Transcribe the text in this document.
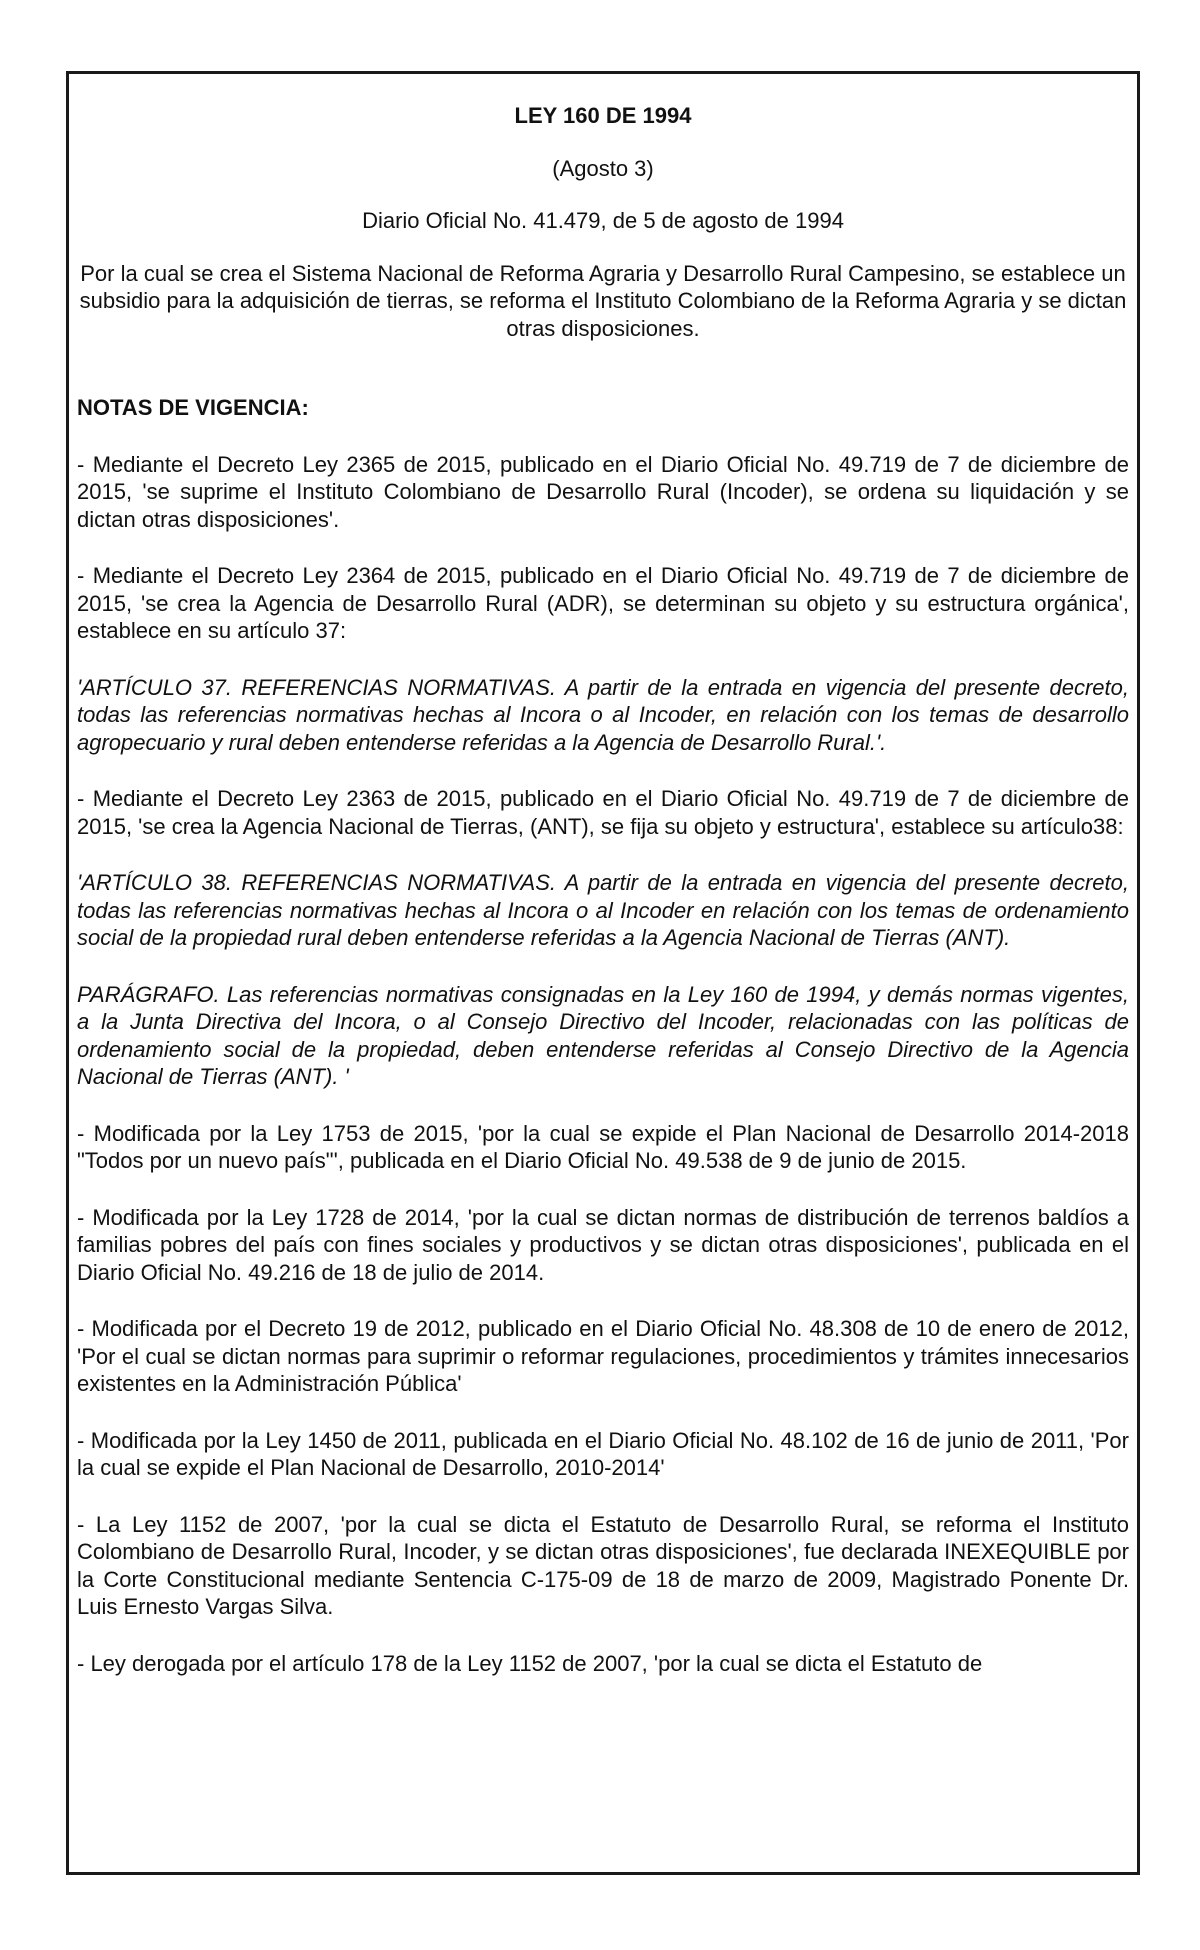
LEY 160 DE 1994

(Agosto 3)

Diario Oficial No. 41.479, de 5 de agosto de 1994

Por la cual se crea el Sistema Nacional de Reforma Agraria y Desarrollo Rural Campesino, se establece un subsidio para la adquisición de tierras, se reforma el Instituto Colombiano de la Reforma Agraria y se dictan otras disposiciones.

NOTAS DE VIGENCIA:

- Mediante el Decreto Ley 2365 de 2015, publicado en el Diario Oficial No. 49.719 de 7 de diciembre de 2015, 'se suprime el Instituto Colombiano de Desarrollo Rural (Incoder), se ordena su liquidación y se dictan otras disposiciones'.

- Mediante el Decreto Ley 2364 de 2015, publicado en el Diario Oficial No. 49.719 de 7 de diciembre de 2015, 'se crea la Agencia de Desarrollo Rural (ADR), se determinan su objeto y su estructura orgánica', establece en su artículo 37:

'ARTÍCULO 37. REFERENCIAS NORMATIVAS. A partir de la entrada en vigencia del presente decreto, todas las referencias normativas hechas al Incora o al Incoder, en relación con los temas de desarrollo agropecuario y rural deben entenderse referidas a la Agencia de Desarrollo Rural.'.

- Mediante el Decreto Ley 2363 de 2015, publicado en el Diario Oficial No. 49.719 de 7 de diciembre de 2015, 'se crea la Agencia Nacional de Tierras, (ANT), se fija su objeto y estructura', establece su artículo38:

'ARTÍCULO 38. REFERENCIAS NORMATIVAS. A partir de la entrada en vigencia del presente decreto, todas las referencias normativas hechas al Incora o al Incoder en relación con los temas de ordenamiento social de la propiedad rural deben entenderse referidas a la Agencia Nacional de Tierras (ANT).

PARÁGRAFO. Las referencias normativas consignadas en la Ley 160 de 1994, y demás normas vigentes, a la Junta Directiva del Incora, o al Consejo Directivo del Incoder, relacionadas con las políticas de ordenamiento social de la propiedad, deben entenderse referidas al Consejo Directivo de la Agencia Nacional de Tierras (ANT). '

- Modificada por la Ley 1753 de 2015, 'por la cual se expide el Plan Nacional de Desarrollo 2014-2018 "Todos por un nuevo país"', publicada en el Diario Oficial No. 49.538 de 9 de junio de 2015.

- Modificada por la Ley 1728 de 2014, 'por la cual se dictan normas de distribución de terrenos baldíos a familias pobres del país con fines sociales y productivos y se dictan otras disposiciones', publicada en el Diario Oficial No. 49.216 de 18 de julio de 2014.

- Modificada por el Decreto 19 de 2012, publicado en el Diario Oficial No. 48.308 de 10 de enero de 2012, 'Por el cual se dictan normas para suprimir o reformar regulaciones, procedimientos y trámites innecesarios existentes en la Administración Pública'

- Modificada por la Ley 1450 de 2011, publicada en el Diario Oficial No. 48.102 de 16 de junio de 2011, 'Por la cual se expide el Plan Nacional de Desarrollo, 2010-2014'

- La Ley 1152 de 2007, 'por la cual se dicta el Estatuto de Desarrollo Rural, se reforma el Instituto Colombiano de Desarrollo Rural, Incoder, y se dictan otras disposiciones', fue declarada INEXEQUIBLE por la Corte Constitucional mediante Sentencia C-175-09 de 18 de marzo de 2009, Magistrado Ponente Dr. Luis Ernesto Vargas Silva.

- Ley derogada por el artículo 178 de la Ley 1152 de 2007, 'por la cual se dicta el Estatuto de
